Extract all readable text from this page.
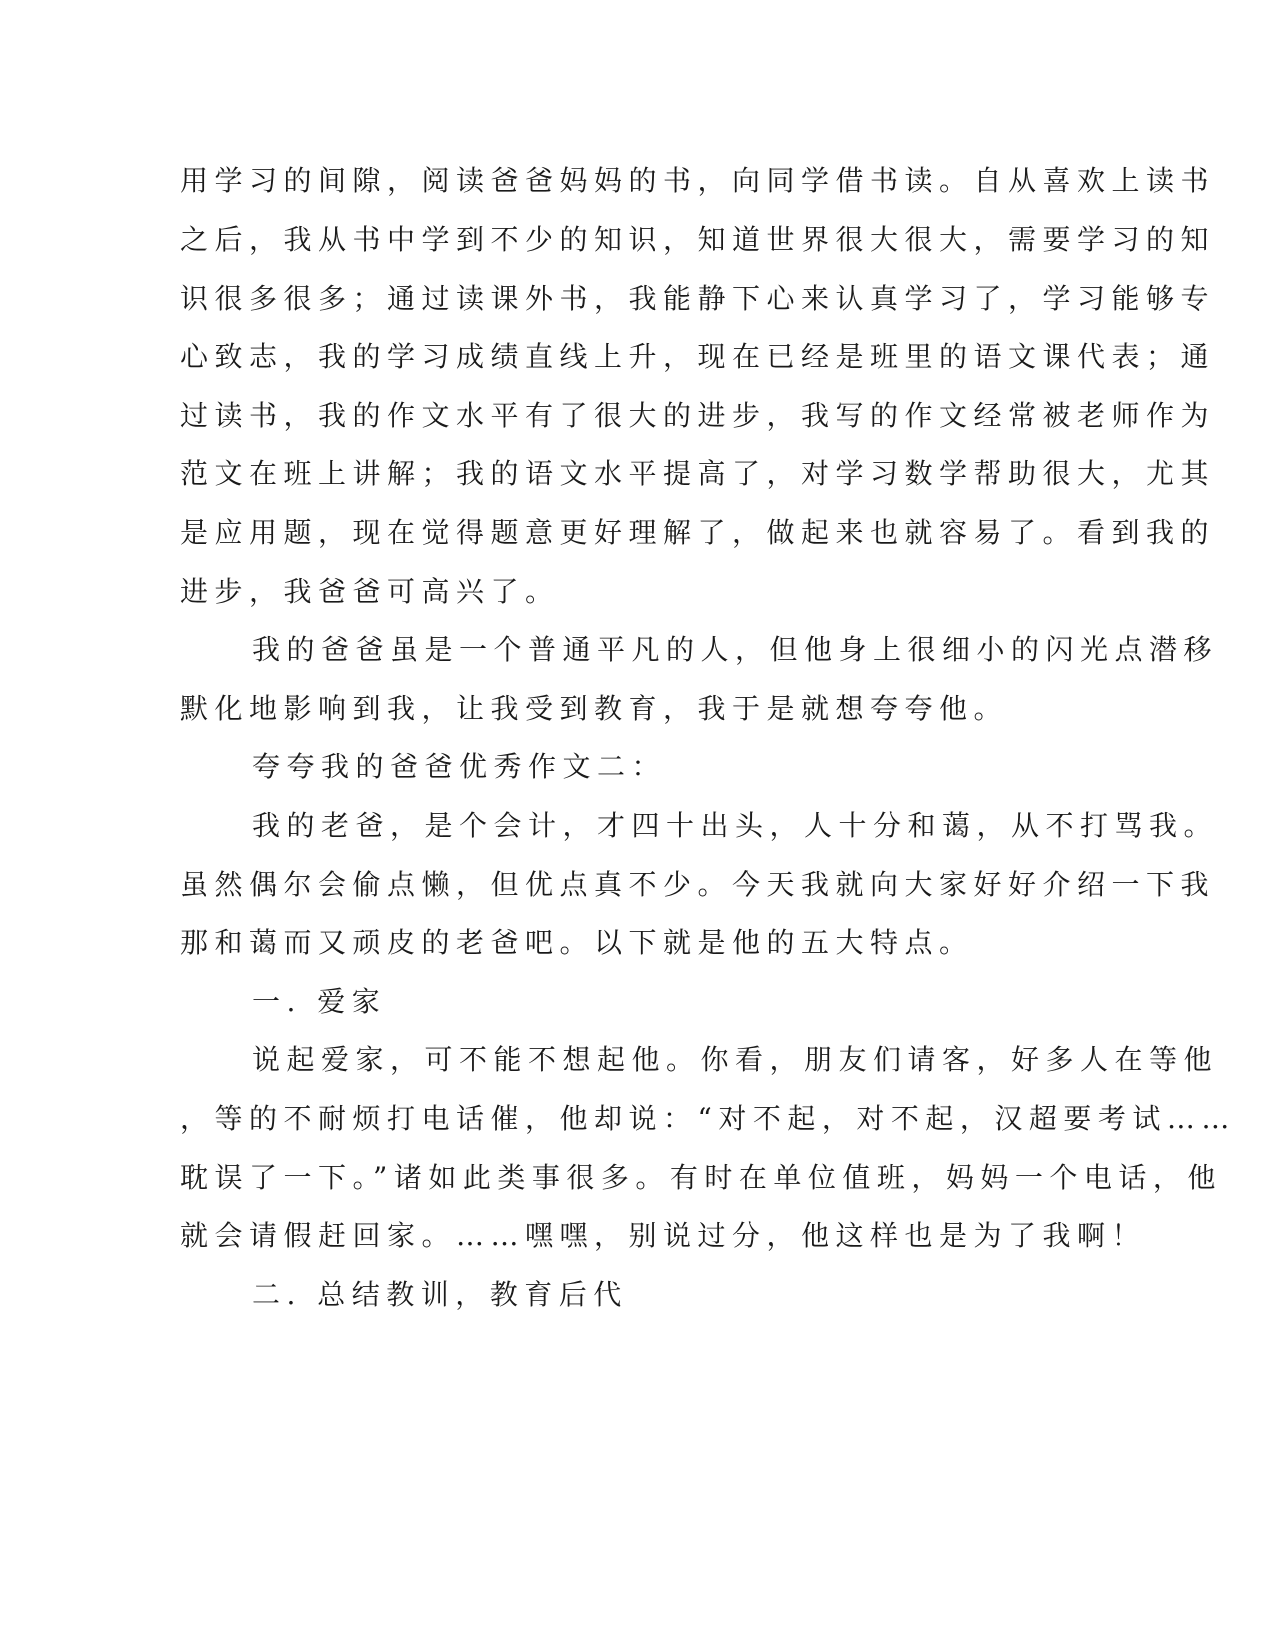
用学习的间隙，阅读爸爸妈妈的书，向同学借书读。自从喜欢上读书
之后，我从书中学到不少的知识，知道世界很大很大，需要学习的知
识很多很多；通过读课外书，我能静下心来认真学习了，学习能够专
心致志，我的学习成绩直线上升，现在已经是班里的语文课代表；通
过读书，我的作文水平有了很大的进步，我写的作文经常被老师作为
范文在班上讲解；我的语文水平提高了，对学习数学帮助很大，尤其
是应用题，现在觉得题意更好理解了，做起来也就容易了。看到我的
进步，我爸爸可高兴了。
我的爸爸虽是一个普通平凡的人，但他身上很细小的闪光点潜移
默化地影响到我，让我受到教育，我于是就想夸夸他。
夸夸我的爸爸优秀作文二：
我的老爸，是个会计，才四十出头，人十分和蔼，从不打骂我。
虽然偶尔会偷点懒，但优点真不少。今天我就向大家好好介绍一下我
那和蔼而又顽皮的老爸吧。以下就是他的五大特点。
一. 爱家
说起爱家，可不能不想起他。你看，朋友们请客，好多人在等他
，等的不耐烦打电话催，他却说：“对不起，对不起，汉超要考试……
耽误了一下。”诸如此类事很多。有时在单位值班，妈妈一个电话，他
就会请假赶回家。……嘿嘿，别说过分，他这样也是为了我啊！
二. 总结教训，教育后代
